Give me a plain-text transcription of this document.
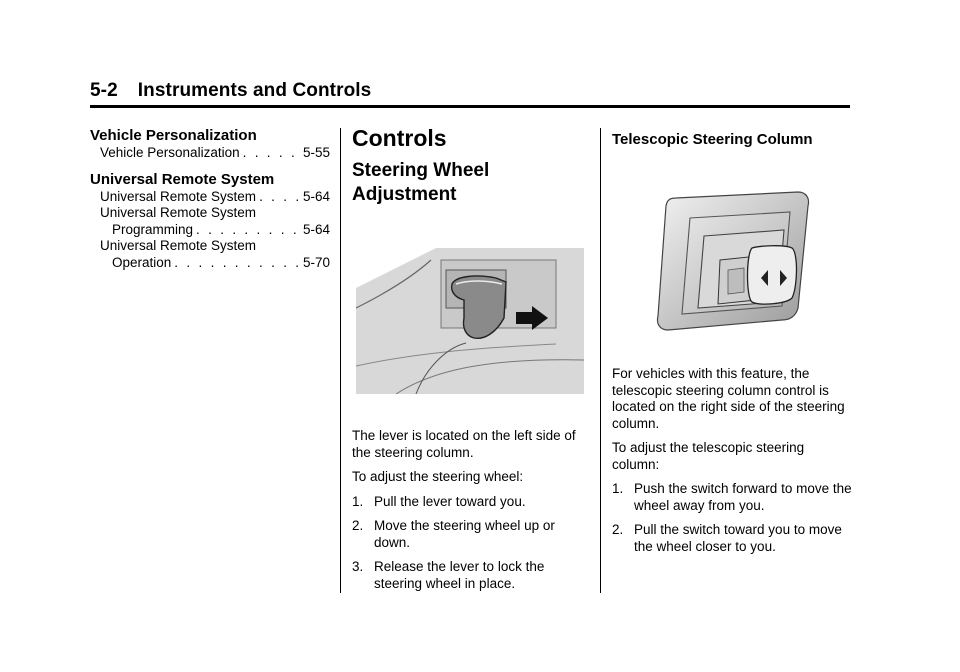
5-2 Instruments and Controls
Vehicle Personalization
Vehicle Personalization . . .	5-55
Universal Remote System
Universal Remote System . . .	5-64
Universal Remote System
Programming . . .	5-64
Universal Remote System
Operation . . .	5-70
Controls
Steering Wheel
Adjustment

The lever is located on the left side of the steering column.

To adjust the steering wheel:

1. Pull the lever toward you.
2. Move the steering wheel up or down.
3. Release the lever to lock the steering wheel in place.
Telescopic Steering Column

For vehicles with this feature, the telescopic steering column control is located on the right side of the steering column.

To adjust the telescopic steering column:

1. Push the switch forward to move the wheel away from you.
2. Pull the switch toward you to move the wheel closer to you.
